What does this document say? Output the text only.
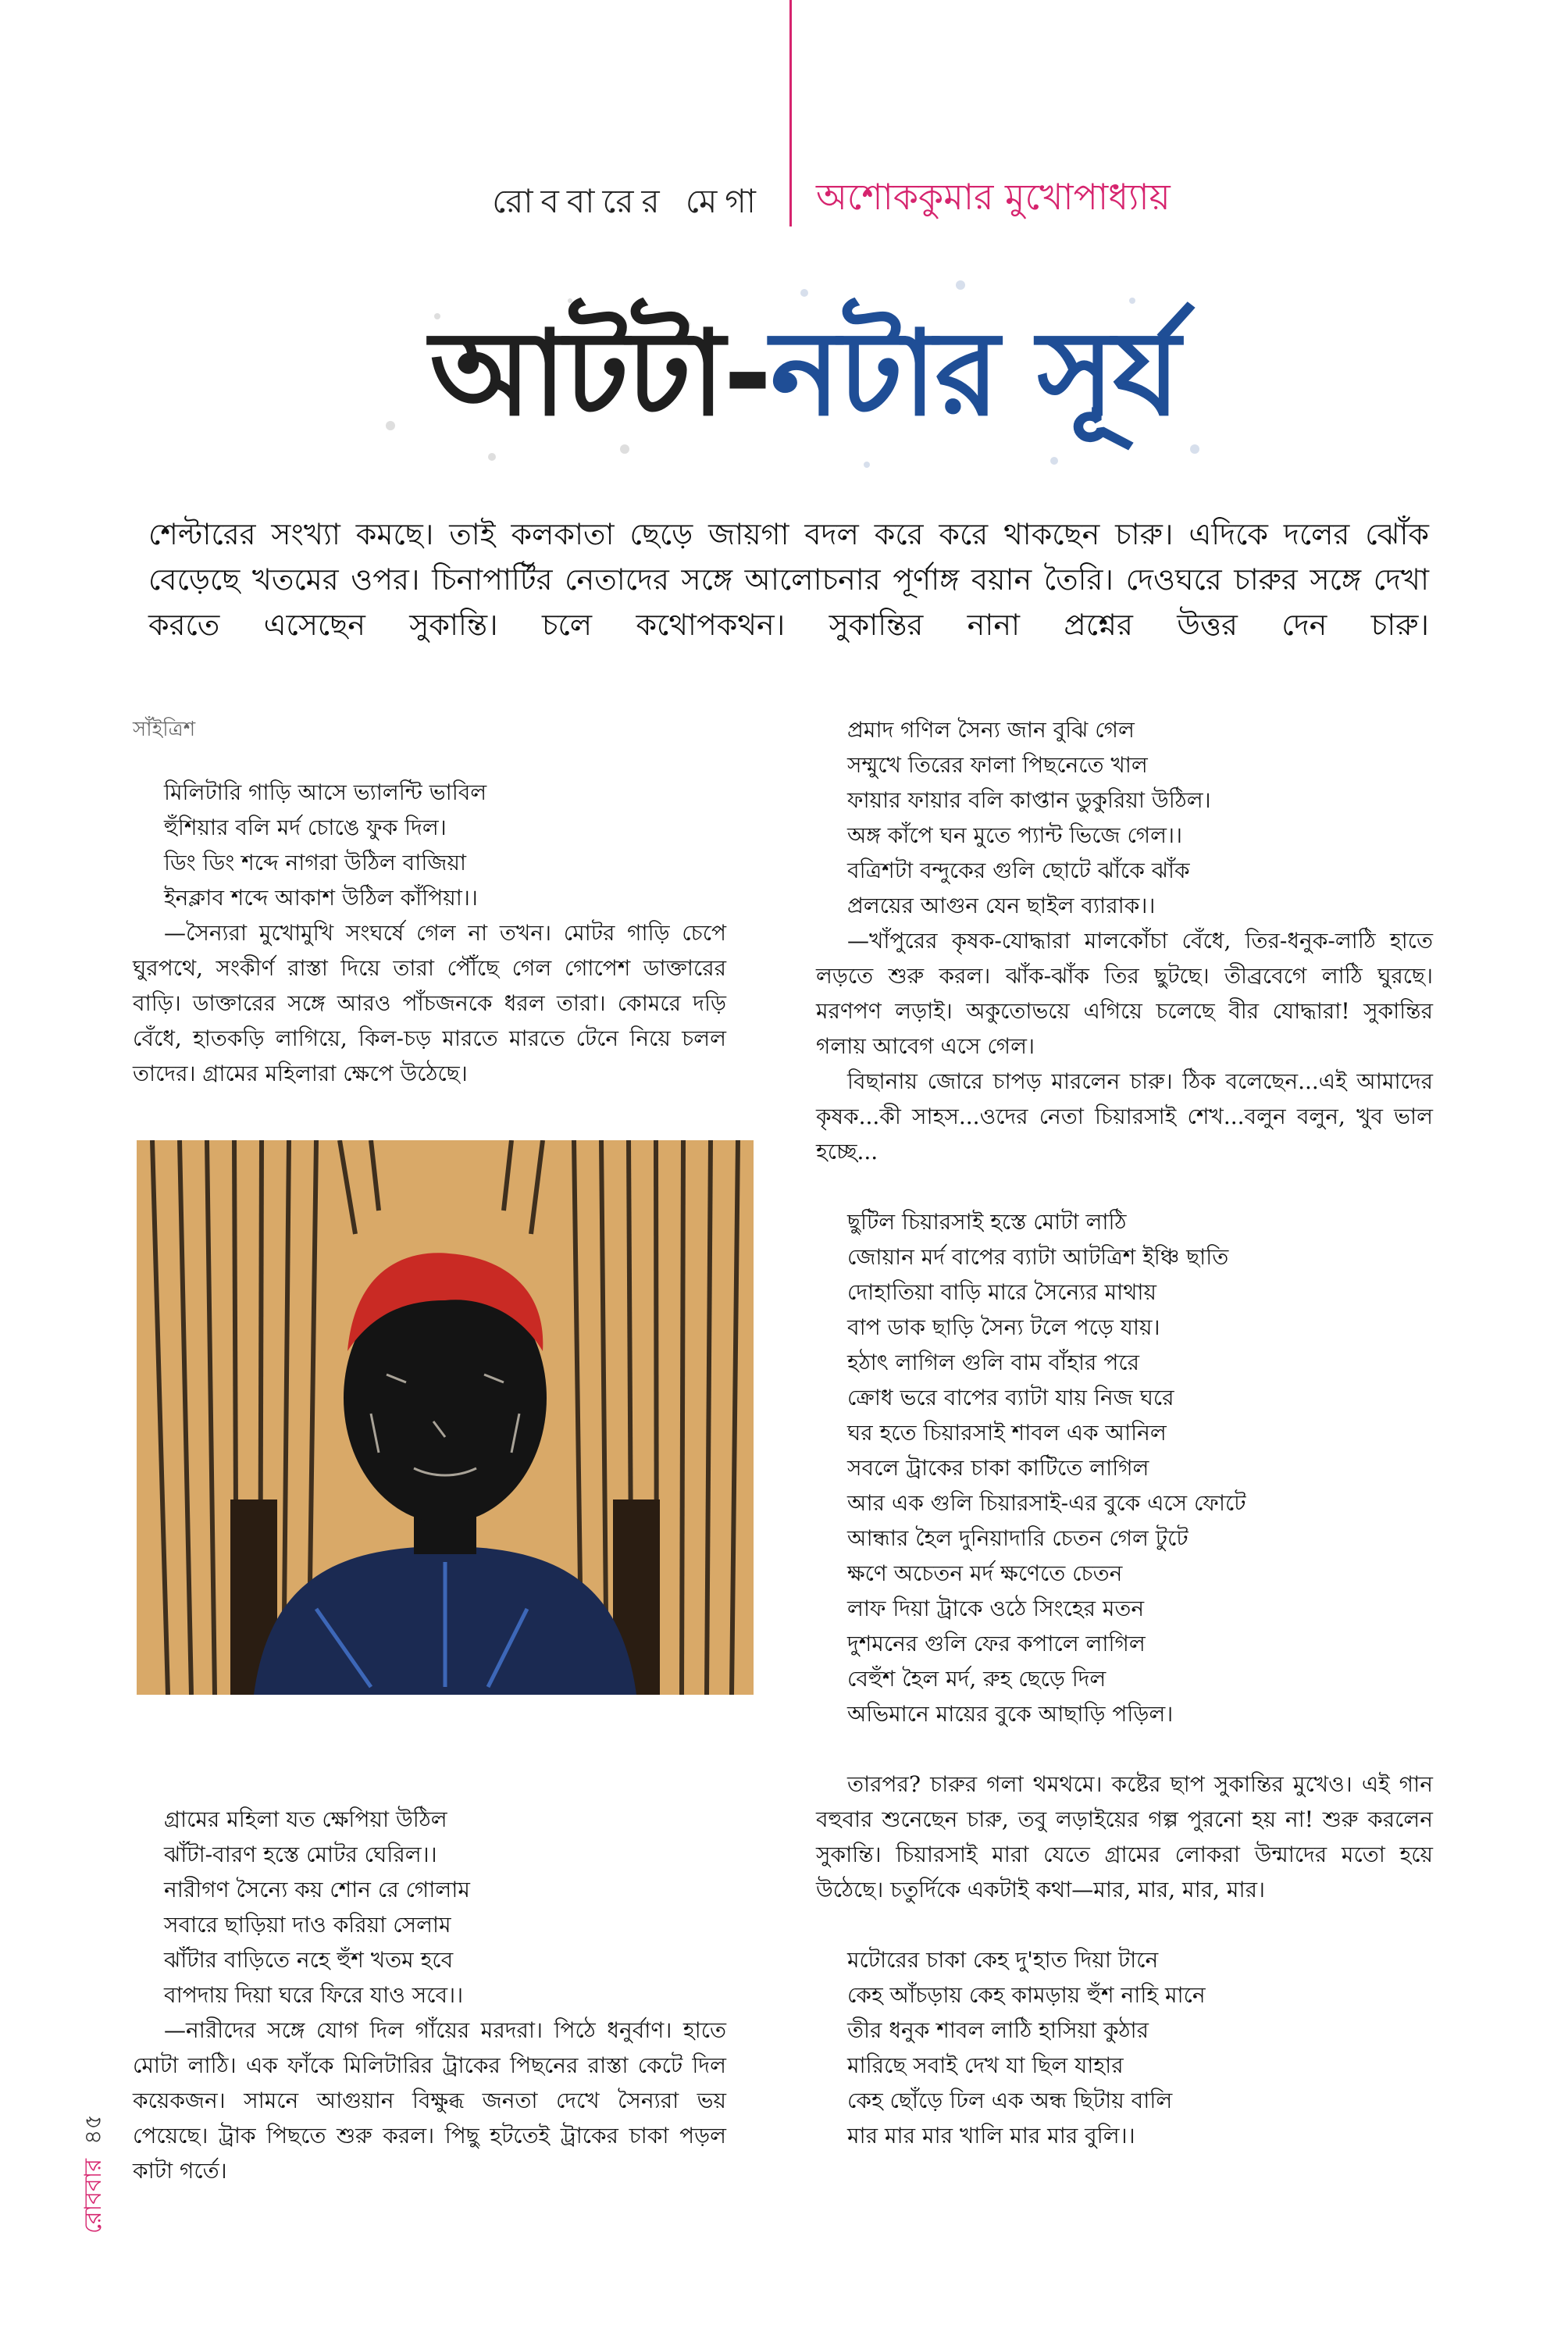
রোববারের মেগা অশোককুমার মুখোপাধ্যায়
আটটা-নটার সূর্য
শেল্টারের সংখ্যা কমছে। তাই কলকাতা ছেড়ে জায়গা বদল করে করে থাকছেন চারু। এদিকে দলের ঝোঁক বেড়েছে খতমের ওপর। চিনাপার্টির নেতাদের সঙ্গে আলোচনার পূর্ণাঙ্গ বয়ান তৈরি। দেওঘরে চারুর সঙ্গে দেখা করতে এসেছেন সুকান্তি। চলে কথোপকথন। সুকান্তির নানা প্রশ্নের উত্তর দেন চারু।

সাঁইত্রিশ

মিলিটারি গাড়ি আসে ভ্যালন্টি ভাবিল

হুঁশিয়ার বলি মর্দ চোঙে ফুক দিল।

ডিং ডিং শব্দে নাগরা উঠিল বাজিয়া

ইনক্লাব শব্দে আকাশ উঠিল কাঁপিয়া।।

—সৈন্যরা মুখোমুখি সংঘর্ষে গেল না তখন। মোটর গাড়ি চেপে ঘুরপথে, সংকীর্ণ রাস্তা দিয়ে তারা পৌঁছে গেল গোপেশ ডাক্তারের বাড়ি। ডাক্তারের সঙ্গে আরও পাঁচজনকে ধরল তারা। কোমরে দড়ি বেঁধে, হাতকড়ি লাগিয়ে, কিল-চড় মারতে মারতে টেনে নিয়ে চলল তাদের। গ্রামের মহিলারা ক্ষেপে উঠেছে।

গ্রামের মহিলা যত ক্ষেপিয়া উঠিল

ঝাঁটা-বারণ হস্তে মোটর ঘেরিল।।

নারীগণ সৈন্যে কয় শোন রে গোলাম

সবারে ছাড়িয়া দাও করিয়া সেলাম

ঝাঁটার বাড়িতে নহে হুঁশ খতম হবে

বাপদায় দিয়া ঘরে ফিরে যাও সবে।।

—নারীদের সঙ্গে যোগ দিল গাঁয়ের মরদরা। পিঠে ধনুর্বাণ। হাতে মোটা লাঠি। এক ফাঁকে মিলিটারির ট্রাকের পিছনের রাস্তা কেটে দিল কয়েকজন। সামনে আগুয়ান বিক্ষুব্ধ জনতা দেখে সৈন্যরা ভয় পেয়েছে। ট্রাক পিছতে শুরু করল। পিছু হটতেই ট্রাকের চাকা পড়ল কাটা গর্তে।

প্রমাদ গণিল সৈন্য জান বুঝি গেল

সম্মুখে তিরের ফালা পিছনেতে খাল

ফায়ার ফায়ার বলি কাপ্তান ডুকুরিয়া উঠিল।

অঙ্গ কাঁপে ঘন মুতে প্যান্ট ভিজে গেল।।

বত্রিশটা বন্দুকের গুলি ছোটে ঝাঁকে ঝাঁক

প্রলয়ের আগুন যেন ছাইল ব্যারাক।।

—খাঁপুরের কৃষক-যোদ্ধারা মালকোঁচা বেঁধে, তির-ধনুক-লাঠি হাতে লড়তে শুরু করল। ঝাঁক-ঝাঁক তির ছুটছে। তীব্রবেগে লাঠি ঘুরছে। মরণপণ লড়াই। অকুতোভয়ে এগিয়ে চলেছে বীর যোদ্ধারা! সুকান্তির গলায় আবেগ এসে গেল।

বিছানায় জোরে চাপড় মারলেন চারু। ঠিক বলেছেন...এই আমাদের কৃষক...কী সাহস...ওদের নেতা চিয়ারসাই শেখ...বলুন বলুন, খুব ভাল হচ্ছে...

ছুটিল চিয়ারসাই হস্তে মোটা লাঠি

জোয়ান মর্দ বাপের ব্যাটা আটত্রিশ ইঞ্চি ছাতি

দোহাতিয়া বাড়ি মারে সৈন্যের মাথায়

বাপ ডাক ছাড়ি সৈন্য টলে পড়ে যায়।

হঠাৎ লাগিল গুলি বাম বাঁহার পরে

ক্রোধ ভরে বাপের ব্যাটা যায় নিজ ঘরে

ঘর হতে চিয়ারসাই শাবল এক আনিল

সবলে ট্রাকের চাকা কাটিতে লাগিল

আর এক গুলি চিয়ারসাই-এর বুকে এসে ফোটে

আন্ধার হৈল দুনিয়াদারি চেতন গেল টুটে

ক্ষণে অচেতন মর্দ ক্ষণেতে চেতন

লাফ দিয়া ট্রাকে ওঠে সিংহের মতন

দুশমনের গুলি ফের কপালে লাগিল

বেহুঁশ হৈল মর্দ, রুহ ছেড়ে দিল

অভিমানে মায়ের বুকে আছাড়ি পড়িল।

তারপর? চারুর গলা থমথমে। কষ্টের ছাপ সুকান্তির মুখেও। এই গান বহুবার শুনেছেন চারু, তবু লড়াইয়ের গল্প পুরনো হয় না! শুরু করলেন সুকান্তি। চিয়ারসাই মারা যেতে গ্রামের লোকরা উন্মাদের মতো হয়ে উঠেছে। চতুর্দিকে একটাই কথা—মার, মার, মার, মার।

মটোরের চাকা কেহ দু'হাত দিয়া টানে

কেহ আঁচড়ায় কেহ কামড়ায় হুঁশ নাহি মানে

তীর ধনুক শাবল লাঠি হাসিয়া কুঠার

মারিছে সবাই দেখ যা ছিল যাহার

কেহ ছোঁড়ে ঢিল এক অন্ধ ছিটায় বালি

মার মার মার খালি মার মার বুলি।।

রোববার৪৫
